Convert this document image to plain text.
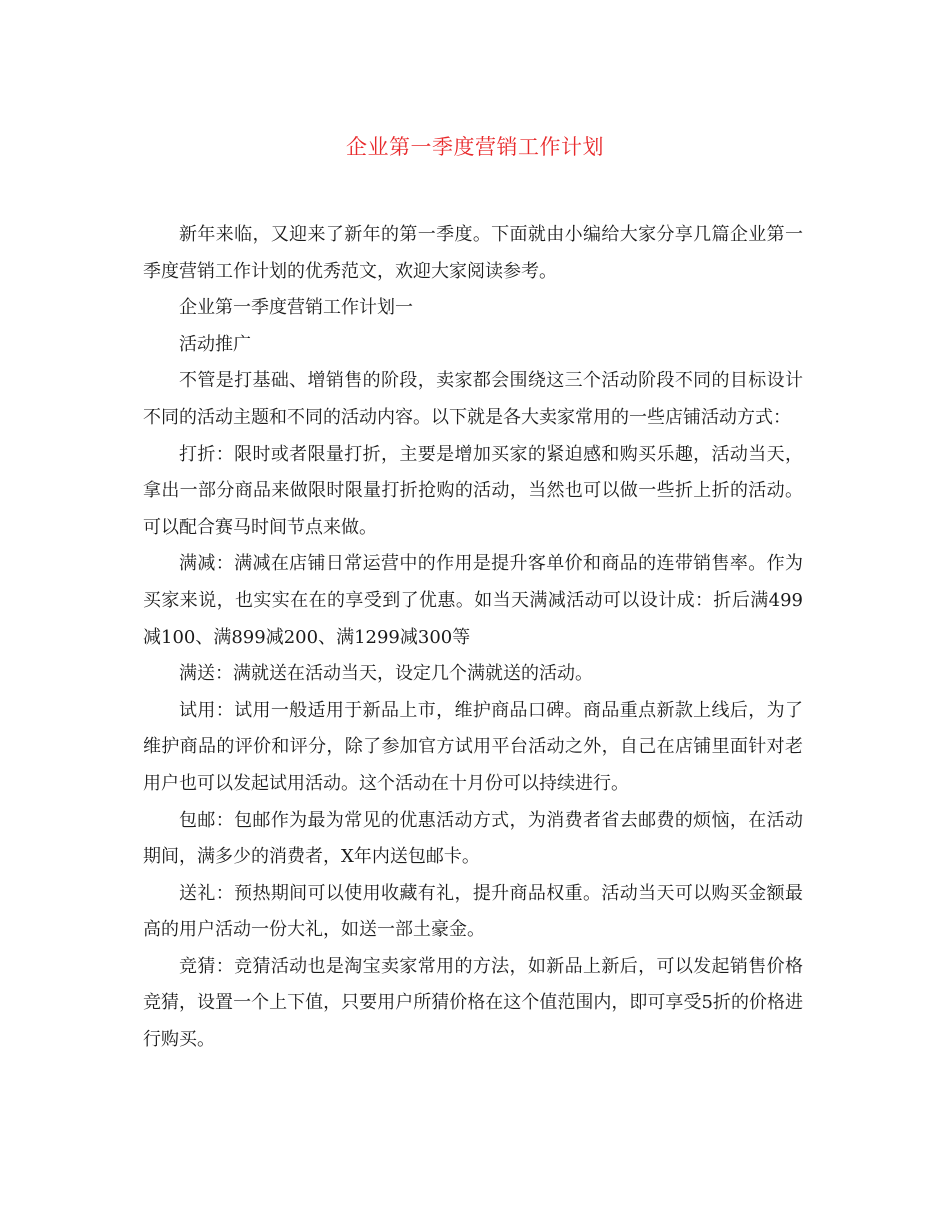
企业第一季度营销工作计划

新年来临，又迎来了新年的第一季度。下面就由小编给大家分享几篇企业第一季度营销工作计划的优秀范文，欢迎大家阅读参考。

企业第一季度营销工作计划一

活动推广

不管是打基础、增销售的阶段，卖家都会围绕这三个活动阶段不同的目标设计不同的活动主题和不同的活动内容。以下就是各大卖家常用的一些店铺活动方式：

打折：限时或者限量打折，主要是增加买家的紧迫感和购买乐趣，活动当天，拿出一部分商品来做限时限量打折抢购的活动，当然也可以做一些折上折的活动。可以配合赛马时间节点来做。

满减：满减在店铺日常运营中的作用是提升客单价和商品的连带销售率。作为买家来说，也实实在在的享受到了优惠。如当天满减活动可以设计成：折后满499减100、满899减200、满1299减300等

满送：满就送在活动当天，设定几个满就送的活动。

试用：试用一般适用于新品上市，维护商品口碑。商品重点新款上线后，为了维护商品的评价和评分，除了参加官方试用平台活动之外，自己在店铺里面针对老用户也可以发起试用活动。这个活动在十月份可以持续进行。

包邮：包邮作为最为常见的优惠活动方式，为消费者省去邮费的烦恼，在活动期间，满多少的消费者，X年内送包邮卡。

送礼：预热期间可以使用收藏有礼，提升商品权重。活动当天可以购买金额最高的用户活动一份大礼，如送一部土豪金。

竞猜：竞猜活动也是淘宝卖家常用的方法，如新品上新后，可以发起销售价格竞猜，设置一个上下值，只要用户所猜价格在这个值范围内，即可享受5折的价格进行购买。
